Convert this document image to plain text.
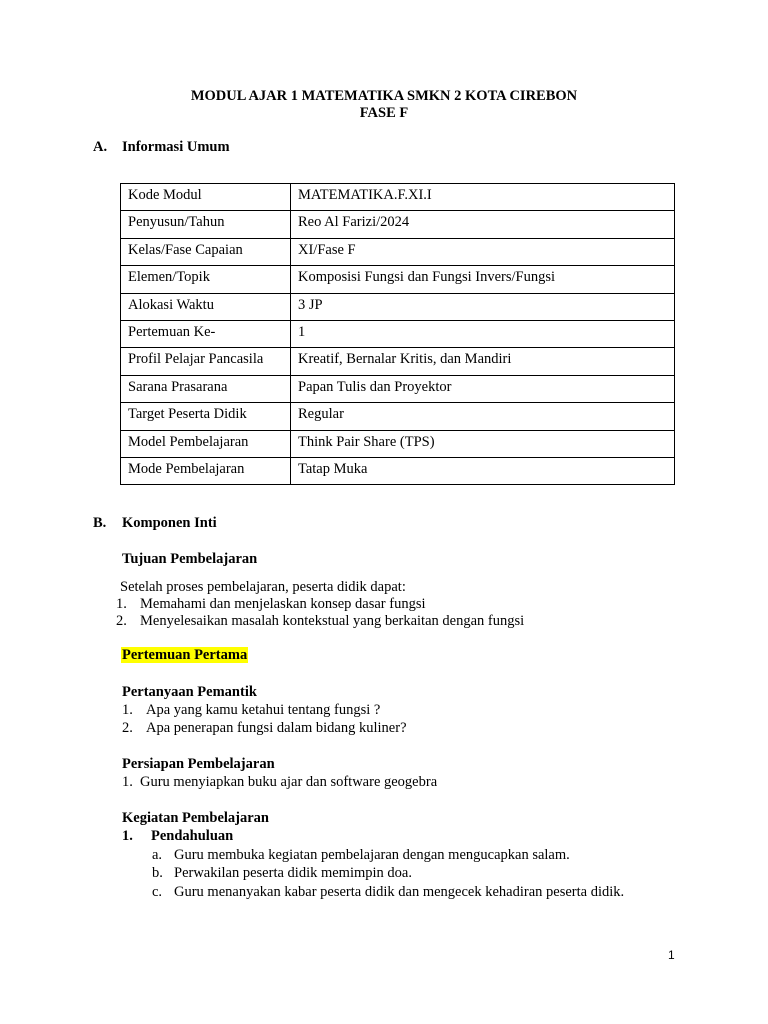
MODUL AJAR 1 MATEMATIKA SMKN 2 KOTA CIREBON
FASE F
A. Informasi Umum
Kode Modul	MATEMATIKA.F.XI.I
Penyusun/Tahun	Reo Al Farizi/2024
Kelas/Fase Capaian	XI/Fase F
Elemen/Topik	Komposisi Fungsi dan Fungsi Invers/Fungsi
Alokasi Waktu	3 JP
Pertemuan Ke-	1
Profil Pelajar Pancasila	Kreatif, Bernalar Kritis, dan Mandiri
Sarana Prasarana	Papan Tulis dan Proyektor
Target Peserta Didik	Regular
Model Pembelajaran	Think Pair Share (TPS)
Mode Pembelajaran	Tatap Muka
B. Komponen Inti
Tujuan Pembelajaran
Setelah proses pembelajaran, peserta didik dapat:
1. Memahami dan menjelaskan konsep dasar fungsi
2. Menyelesaikan masalah kontekstual yang berkaitan dengan fungsi
Pertemuan Pertama
Pertanyaan Pemantik
1. Apa yang kamu ketahui tentang fungsi ?
2. Apa penerapan fungsi dalam bidang kuliner?
Persiapan Pembelajaran
1. Guru menyiapkan buku ajar dan software geogebra
Kegiatan Pembelajaran
1. Pendahuluan
a. Guru membuka kegiatan pembelajaran dengan mengucapkan salam.
b. Perwakilan peserta didik memimpin doa.
c. Guru menanyakan kabar peserta didik dan mengecek kehadiran peserta didik.
1
